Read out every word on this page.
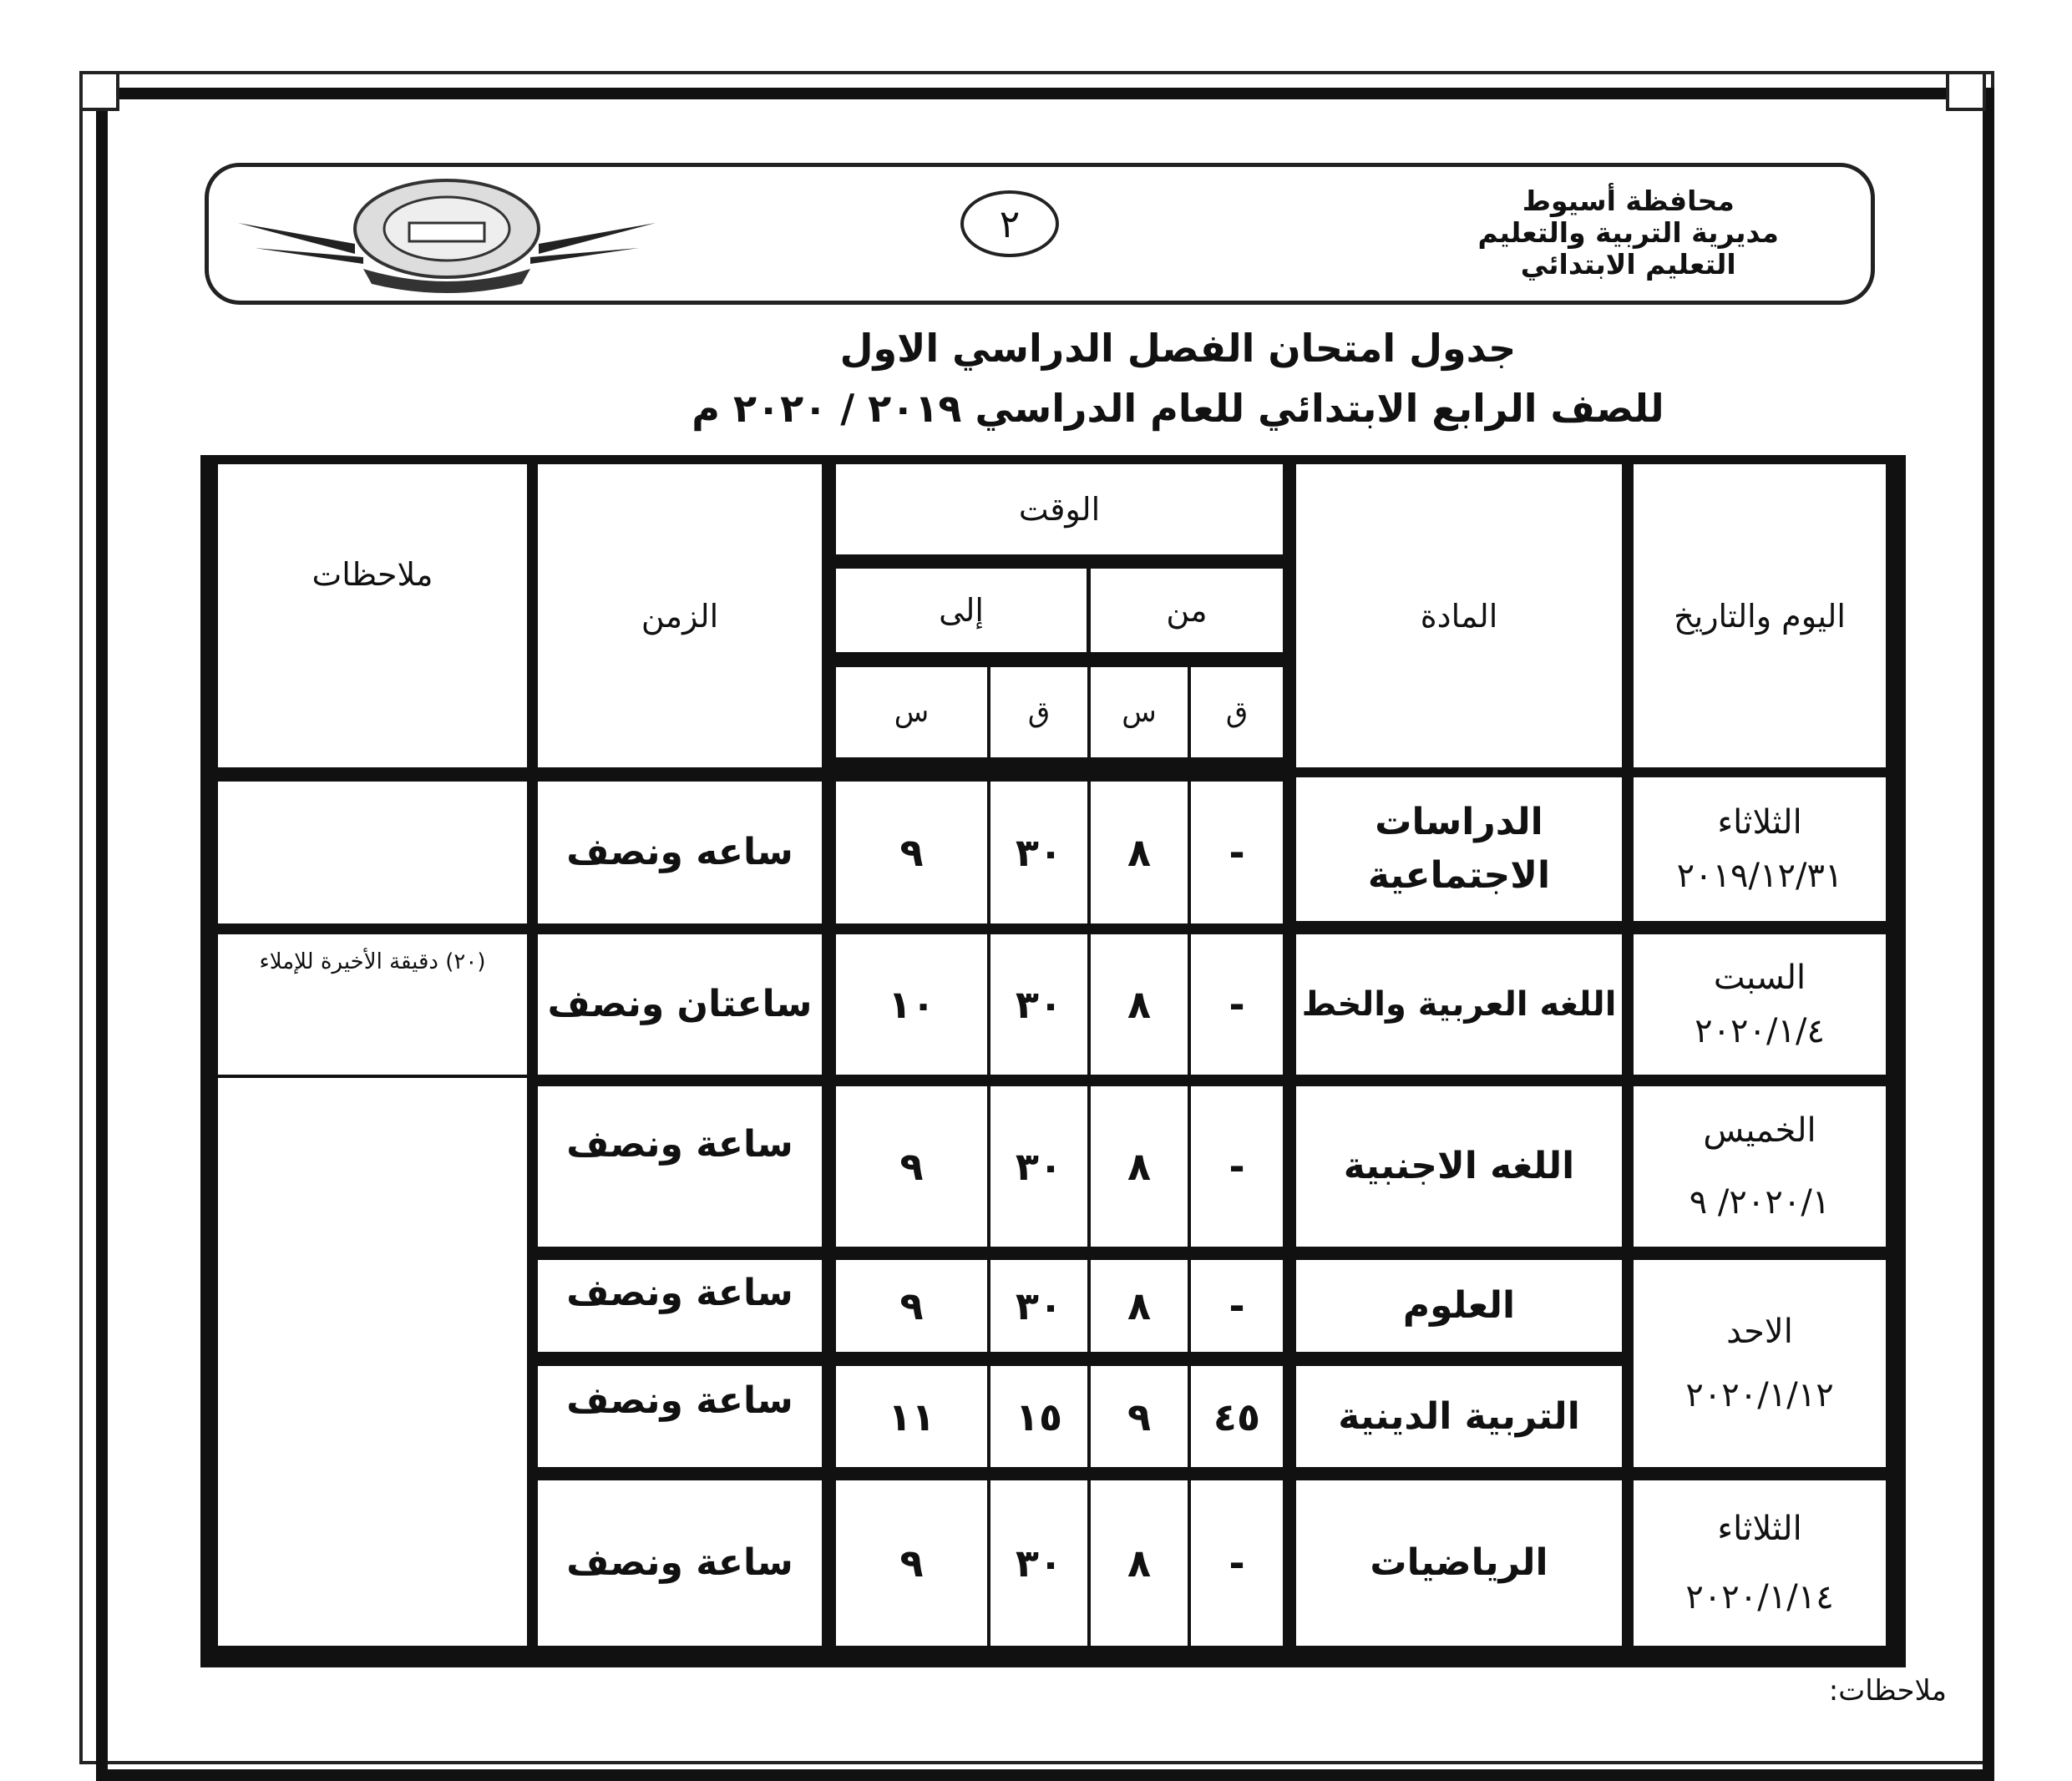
محافظة أسيوط
مديرية التربية والتعليم
التعليم الابتدائي
٢
جدول امتحان الفصل الدراسي الاول
للصف الرابع الابتدائي للعام الدراسي ٢٠١٩ / ٢٠٢٠ م
اليوم والتاريخ
المادة
الوقت
من
إلى
ق
س
ق
س
الزمن
ملاحظات
الثلاثاء
٢٠١٩/١٢/٣١
الدراسات الاجتماعية
-
٨
٣٠
٩
ساعه ونصف
السبت
٢٠٢٠/١/٤
اللغه العربية والخط
-
٨
٣٠
١٠
ساعتان ونصف
(٢٠) دقيقة الأخيرة للإملاء
الخميس
٢٠٢٠/١/ ٩
اللغه الاجنبية
-
٨
٣٠
٩
ساعة ونصف
الاحد
٢٠٢٠/١/١٢
العلوم
-
٨
٣٠
٩
ساعة ونصف
التربية الدينية
٤٥
٩
١٥
١١
ساعة ونصف
الثلاثاء
٢٠٢٠/١/١٤
الرياضيات
-
٨
٣٠
٩
ساعة ونصف
ملاحظات:
